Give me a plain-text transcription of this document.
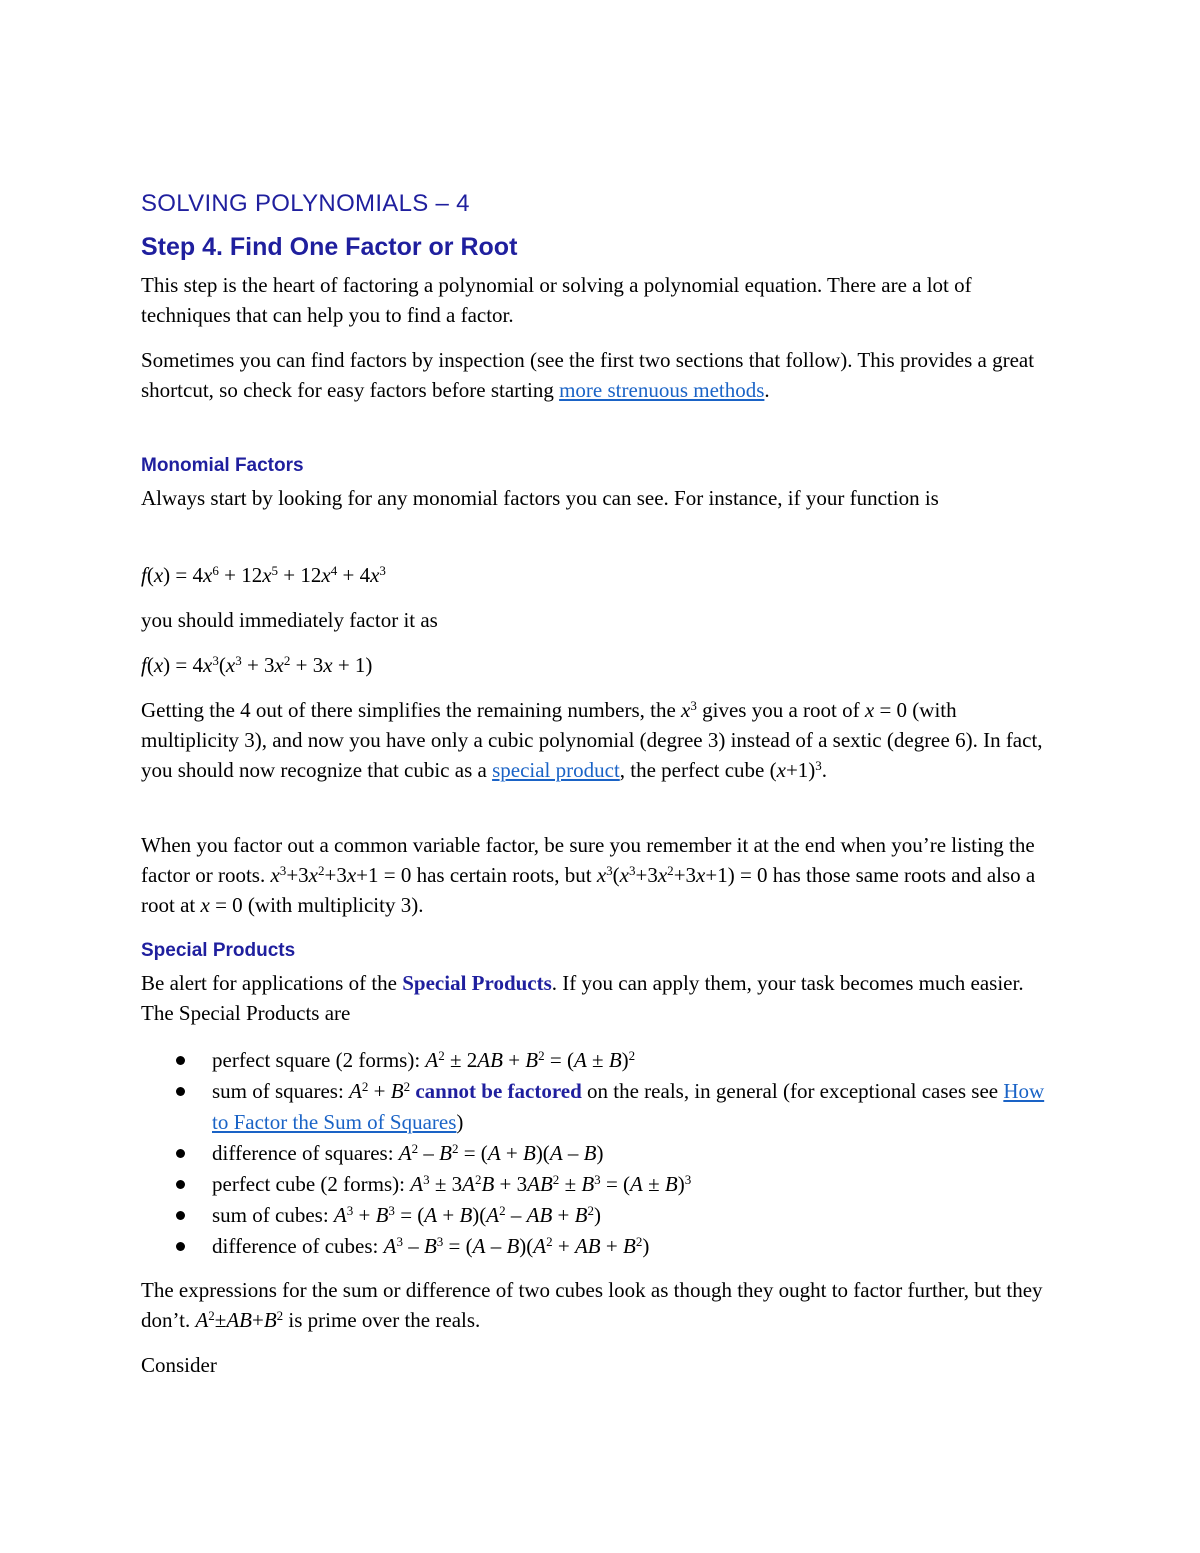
SOLVING POLYNOMIALS – 4
Step 4. Find One Factor or Root

This step is the heart of factoring a polynomial or solving a polynomial equation. There are a lot of techniques that can help you to find a factor.

Sometimes you can find factors by inspection (see the first two sections that follow). This provides a great shortcut, so check for easy factors before starting more strenuous methods.

Monomial Factors

Always start by looking for any monomial factors you can see. For instance, if your function is

$f(x) = 4x^6 + 12x^5 + 12x^4 + 4x^3$

you should immediately factor it as

$f(x) = 4x^3(x^3 + 3x^2 + 3x + 1)$

Getting the 4 out of there simplifies the remaining numbers, the $x^3$ gives you a root of x = 0 (with multiplicity 3), and now you have only a cubic polynomial (degree 3) instead of a sextic (degree 6). In fact, you should now recognize that cubic as a special product, the perfect cube $(x+1)^3$.

When you factor out a common variable factor, be sure you remember it at the end when you’re listing the factor or roots. $x^3+3x^2+3x+1 = 0$ has certain roots, but $x^3(x^3+3x^2+3x+1) = 0$ has those same roots and also a root at x = 0 (with multiplicity 3).

Special Products

Be alert for applications of the Special Products. If you can apply them, your task becomes much easier. The Special Products are

perfect square (2 forms): $A^2 \pm 2AB + B^2 = (A \pm B)^2$
sum of squares: $A^2 + B^2$ cannot be factored on the reals, in general (for exceptional cases see How to Factor the Sum of Squares)
difference of squares: $A^2 - B^2 = (A + B)(A - B)$
perfect cube (2 forms): $A^3 \pm 3A^2B + 3AB^2 \pm B^3 = (A \pm B)^3$
sum of cubes: $A^3 + B^3 = (A + B)(A^2$ – AB + $B^2$)
difference of cubes: $A^3 - B^3 = (A - B)(A^2$ + AB + $B^2$)

The expressions for the sum or difference of two cubes look as though they ought to factor further, but they don’t. $A^2\pm AB+B^2$ is prime over the reals.

Consider
